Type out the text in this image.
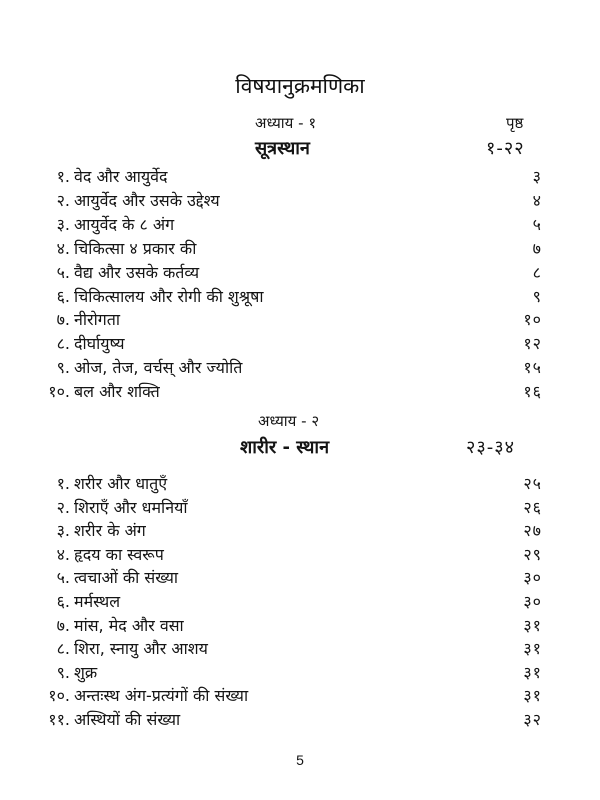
विषयानुक्रमणिका
अध्याय - १	पृष्ठ
सूत्रस्थान	१-२२
१. वेद और आयुर्वेद	३
२. आयुर्वेद और उसके उद्देश्य	४
३. आयुर्वेद के ८ अंग	५
४. चिकित्सा ४ प्रकार की	७
५. वैद्य और उसके कर्तव्य	८
६. चिकित्सालय और रोगी की शुश्रूषा	९
७. नीरोगता	१०
८. दीर्घायुष्य	१२
९. ओज, तेज, वर्चस् और ज्योति	१५
१०. बल और शक्ति	१६
अध्याय - २
शारीर - स्थान	२३-३४
१. शरीर और धातुएँ	२५
२. शिराएँ और धमनियाँ	२६
३. शरीर के अंग	२७
४. हृदय का स्वरूप	२९
५. त्वचाओं की संख्या	३०
६. मर्मस्थल	३०
७. मांस, मेद और वसा	३१
८. शिरा, स्नायु और आशय	३१
९. शुक्र	३१
१०. अन्तःस्थ अंग-प्रत्यंगों की संख्या	३१
११. अस्थियों की संख्या	३२
5
